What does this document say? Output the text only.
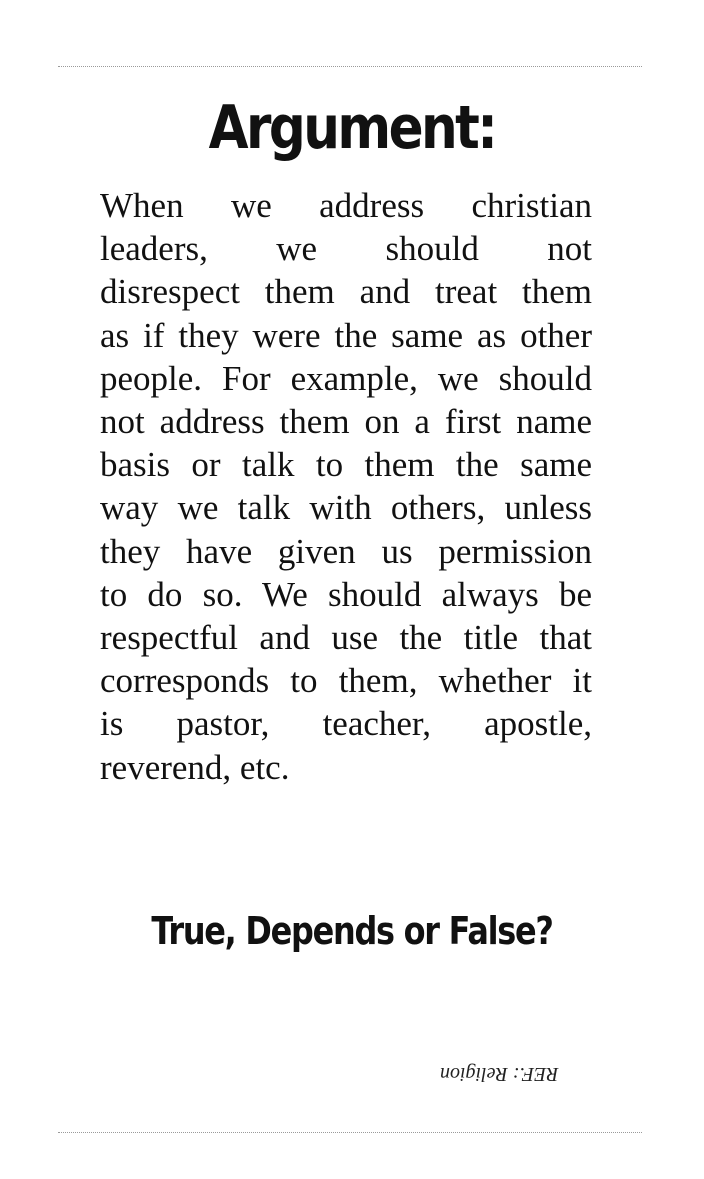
Argument:
When we address christian
leaders, we should not
disrespect them and treat them
as if they were the same as other
people. For example, we should
not address them on a first name
basis or talk to them the same
way we talk with others, unless
they have given us permission
to do so. We should always be
respectful and use the title that
corresponds to them, whether it
is pastor, teacher, apostle,
reverend, etc.
True, Depends or False?
REF.: Religion
